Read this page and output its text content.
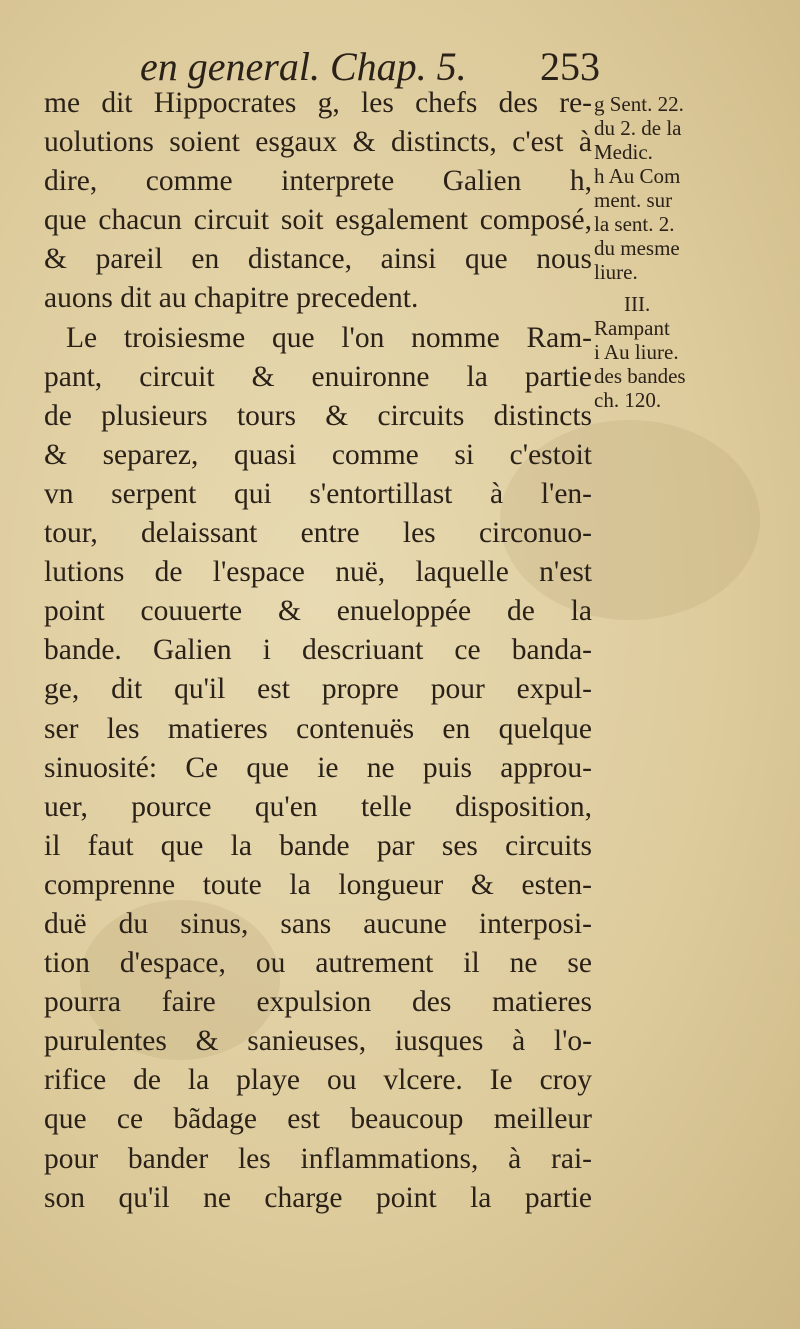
en general. Chap. 5. 253
me dit Hippocrates g, les chefs des re-
uolutions soient esgaux & distincts, c'est à
dire, comme interprete Galien h,
que chacun circuit soit esgalement composé,
& pareil en distance, ainsi que nous
auons dit au chapitre precedent.
Le troisiesme que l'on nomme Ram-
pant, circuit & enuironne la partie
de plusieurs tours & circuits distincts
& separez, quasi comme si c'estoit
vn serpent qui s'entortillast à l'en-
tour, delaissant entre les circonuo-
lutions de l'espace nuë, laquelle n'est
point couuerte & enueloppée de la
bande. Galien i descriuant ce banda-
ge, dit qu'il est propre pour expul-
ser les matieres contenuës en quelque
sinuosité: Ce que ie ne puis approu-
uer, pource qu'en telle disposition,
il faut que la bande par ses circuits
comprenne toute la longueur & esten-
duë du sinus, sans aucune interposi-
tion d'espace, ou autrement il ne se
pourra faire expulsion des matieres
purulentes & sanieuses, iusques à l'o-
rifice de la playe ou vlcere. Ie croy
que ce bãdage est beaucoup meilleur
pour bander les inflammations, à rai-
son qu'il ne charge point la partie
g Sent. 22.
du 2. de la
Medic.
h Au Com
ment. sur
la sent. 2.
du mesme
liure.
III.
Rampant
i Au liure.
des bandes
ch. 120.
